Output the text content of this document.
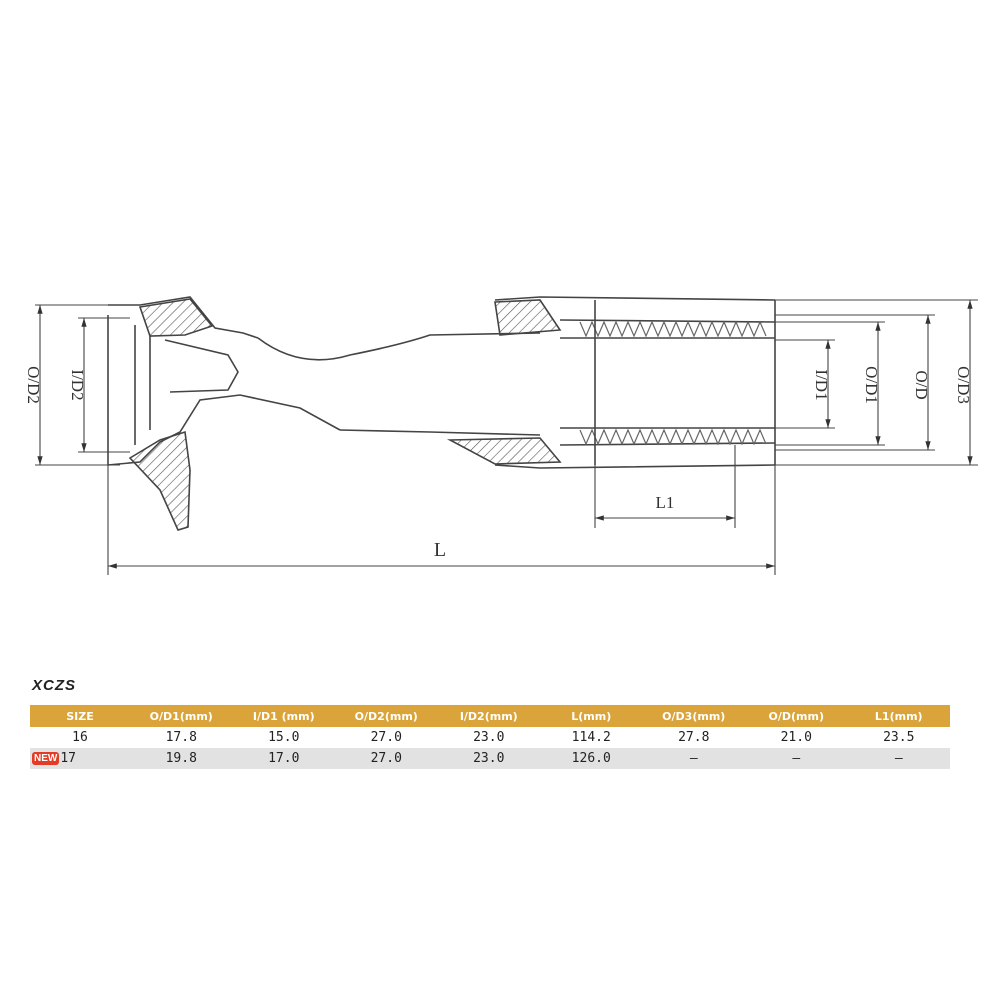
O/D2 I/D2	I/D1 O/D1 O/D O/D3
L1
L
XCZS
SIZE	O/D1(mm)	I/D1 (mm)	O/D2(mm)	I/D2(mm)	L(mm)	O/D3(mm)	O/D(mm)	L1(mm)
16	17.8	15.0	27.0	23.0	114.2	27.8	21.0	23.5
NEW 17	19.8	17.0	27.0	23.0	126.0	—	—	—
